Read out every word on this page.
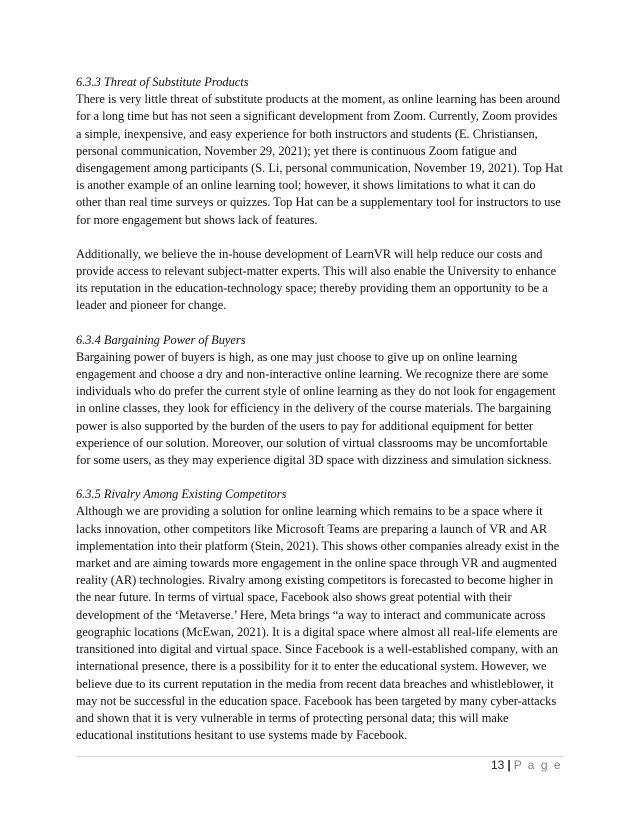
6.3.3 Threat of Substitute Products

There is very little threat of substitute products at the moment, as online learning has been around for a long time but has not seen a significant development from Zoom. Currently, Zoom provides a simple, inexpensive, and easy experience for both instructors and students (E. Christiansen, personal communication, November 29, 2021); yet there is continuous Zoom fatigue and disengagement among participants (S. Li, personal communication, November 19, 2021). Top Hat is another example of an online learning tool; however, it shows limitations to what it can do other than real time surveys or quizzes. Top Hat can be a supplementary tool for instructors to use for more engagement but shows lack of features.

Additionally, we believe the in-house development of LearnVR will help reduce our costs and provide access to relevant subject-matter experts. This will also enable the University to enhance its reputation in the education-technology space; thereby providing them an opportunity to be a leader and pioneer for change.

6.3.4 Bargaining Power of Buyers

Bargaining power of buyers is high, as one may just choose to give up on online learning engagement and choose a dry and non-interactive online learning. We recognize there are some individuals who do prefer the current style of online learning as they do not look for engagement in online classes, they look for efficiency in the delivery of the course materials. The bargaining power is also supported by the burden of the users to pay for additional equipment for better experience of our solution. Moreover, our solution of virtual classrooms may be uncomfortable for some users, as they may experience digital 3D space with dizziness and simulation sickness.

6.3.5 Rivalry Among Existing Competitors

Although we are providing a solution for online learning which remains to be a space where it lacks innovation, other competitors like Microsoft Teams are preparing a launch of VR and AR implementation into their platform (Stein, 2021). This shows other companies already exist in the market and are aiming towards more engagement in the online space through VR and augmented reality (AR) technologies. Rivalry among existing competitors is forecasted to become higher in the near future. In terms of virtual space, Facebook also shows great potential with their development of the ‘Metaverse.’ Here, Meta brings “a way to interact and communicate across geographic locations (McEwan, 2021). It is a digital space where almost all real-life elements are transitioned into digital and virtual space. Since Facebook is a well-established company, with an international presence, there is a possibility for it to enter the educational system. However, we believe due to its current reputation in the media from recent data breaches and whistleblower, it may not be successful in the education space. Facebook has been targeted by many cyber-attacks and shown that it is very vulnerable in terms of protecting personal data; this will make educational institutions hesitant to use systems made by Facebook.

13 | P a g e
